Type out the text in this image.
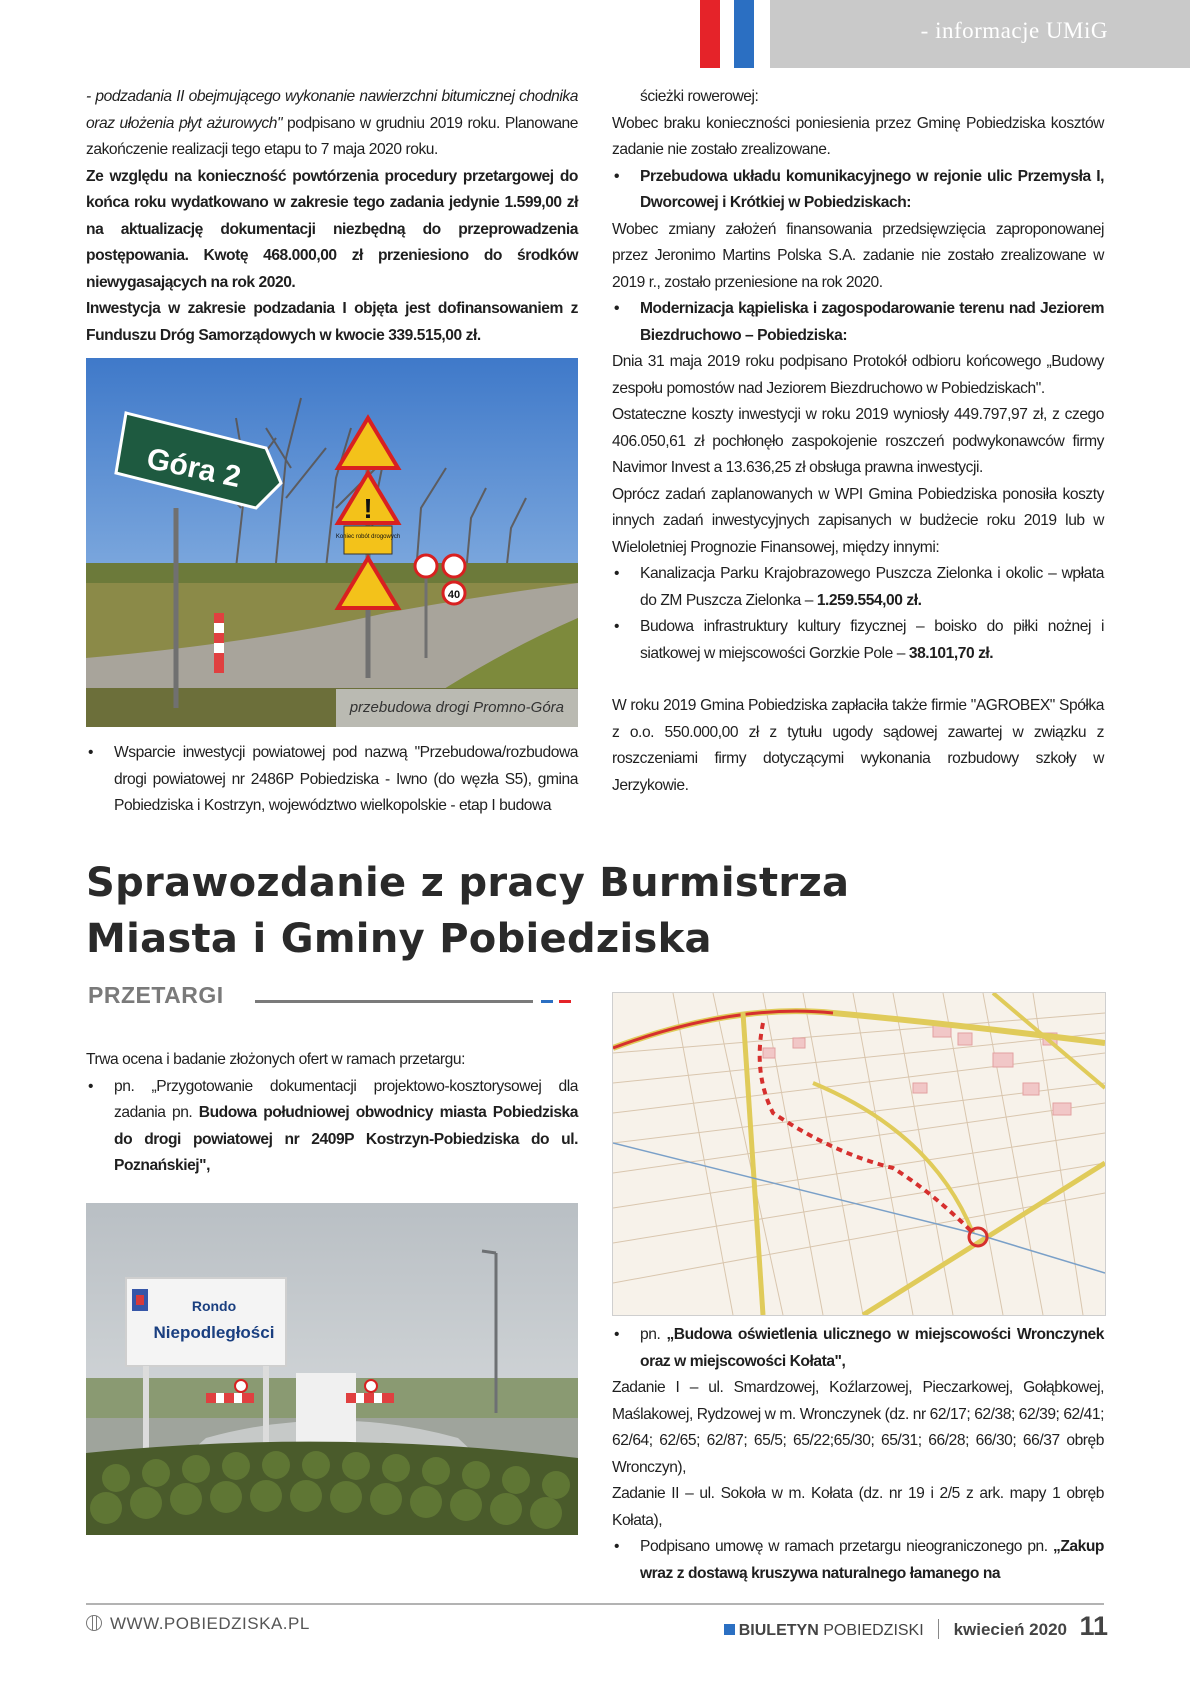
- informacje UMiG

- podzadania II obejmującego wykonanie nawierzchni bitumicznej chodnika oraz ułożenia płyt ażurowych" podpisano w grudniu 2019 roku. Planowane zakończenie realizacji tego etapu to 7 maja 2020 roku.

Ze względu na konieczność powtórzenia procedury przetargowej do końca roku wydatkowano w zakresie tego zadania jedynie 1.599,00 zł na aktualizację dokumentacji niezbędną do przeprowadzenia postępowania. Kwotę 468.000,00 zł przeniesiono do środków niewygasających na rok 2020.

Inwestycja w zakresie podzadania I objęta jest dofinansowaniem z Funduszu Dróg Samorządowych w kwocie 339.515,00 zł.

Góra 2
!
Koniec robót drogowych
40
przebudowa drogi Promno-Góra

• Wsparcie inwestycji powiatowej pod nazwą "Przebudowa/rozbudowa drogi powiatowej nr 2486P Pobiedziska - Iwno (do węzła S5), gmina Pobiedziska i Kostrzyn, województwo wielkopolskie - etap I budowa

ścieżki rowerowej:

Wobec braku konieczności poniesienia przez Gminę Pobiedziska kosztów zadanie nie zostało zrealizowane.

• Przebudowa układu komunikacyjnego w rejonie ulic Przemysła I, Dworcowej i Krótkiej w Pobiedziskach:

Wobec zmiany założeń finansowania przedsięwzięcia zaproponowanej przez Jeronimo Martins Polska S.A. zadanie nie zostało zrealizowane w 2019 r., zostało przeniesione na rok 2020.

• Modernizacja kąpieliska i zagospodarowanie terenu nad Jeziorem Biezdruchowo – Pobiedziska:

Dnia 31 maja 2019 roku podpisano Protokół odbioru końcowego „Budowy zespołu pomostów nad Jeziorem Biezdruchowo w Pobiedziskach".

Ostateczne koszty inwestycji w roku 2019 wyniosły 449.797,97 zł, z czego 406.050,61 zł pochłonęło zaspokojenie roszczeń podwykonawców firmy Navimor Invest a 13.636,25 zł obsługa prawna inwestycji.

Oprócz zadań zaplanowanych w WPI Gmina Pobiedziska ponosiła koszty innych zadań inwestycyjnych zapisanych w budżecie roku 2019 lub w Wieloletniej Prognozie Finansowej, między innymi:

• Kanalizacja Parku Krajobrazowego Puszcza Zielonka i okolic – wpłata do ZM Puszcza Zielonka – 1.259.554,00 zł.

• Budowa infrastruktury kultury fizycznej – boisko do piłki nożnej i siatkowej w miejscowości Gorzkie Pole – 38.101,70 zł.

W roku 2019 Gmina Pobiedziska zapłaciła także firmie "AGROBEX" Spółka z o.o. 550.000,00 zł z tytułu ugody sądowej zawartej w związku z roszczeniami firmy dotyczącymi wykonania rozbudowy szkoły w Jerzykowie.

Sprawozdanie z pracy Burmistrza
Miasta i Gminy Pobiedziska
PRZETARGI

Trwa ocena i badanie złożonych ofert w ramach przetargu:

• pn. „Przygotowanie dokumentacji projektowo-kosztorysowej dla zadania pn. Budowa południowej obwodnicy miasta Pobiedziska do drogi powiatowej nr 2409P Kostrzyn-Pobiedziska do ul. Poznańskiej",

Rondo
Niepodległości

•	pn. „Budowa oświetlenia ulicznego w miejscowości Wronczynek oraz w miejscowości Kołata",

Zadanie I – ul. Smardzowej, Koźlarzowej, Pieczarkowej, Gołąbkowej, Maślakowej, Rydzowej w m. Wronczynek (dz. nr 62/17; 62/38; 62/39; 62/41; 62/64; 62/65; 62/87; 65/5; 65/22;65/30; 65/31; 66/28; 66/30; 66/37 obręb Wronczyn),

Zadanie II – ul. Sokoła w m. Kołata (dz. nr 19 i 2/5 z ark. mapy 1 obręb Kołata),

• Podpisano umowę w ramach przetargu nieograniczonego pn. „Zakup wraz z dostawą kruszywa naturalnego łamanego na

WWW.POBIEDZISKA.PL	BIULETYN POBIEDZISKI kwiecień 2020 11
